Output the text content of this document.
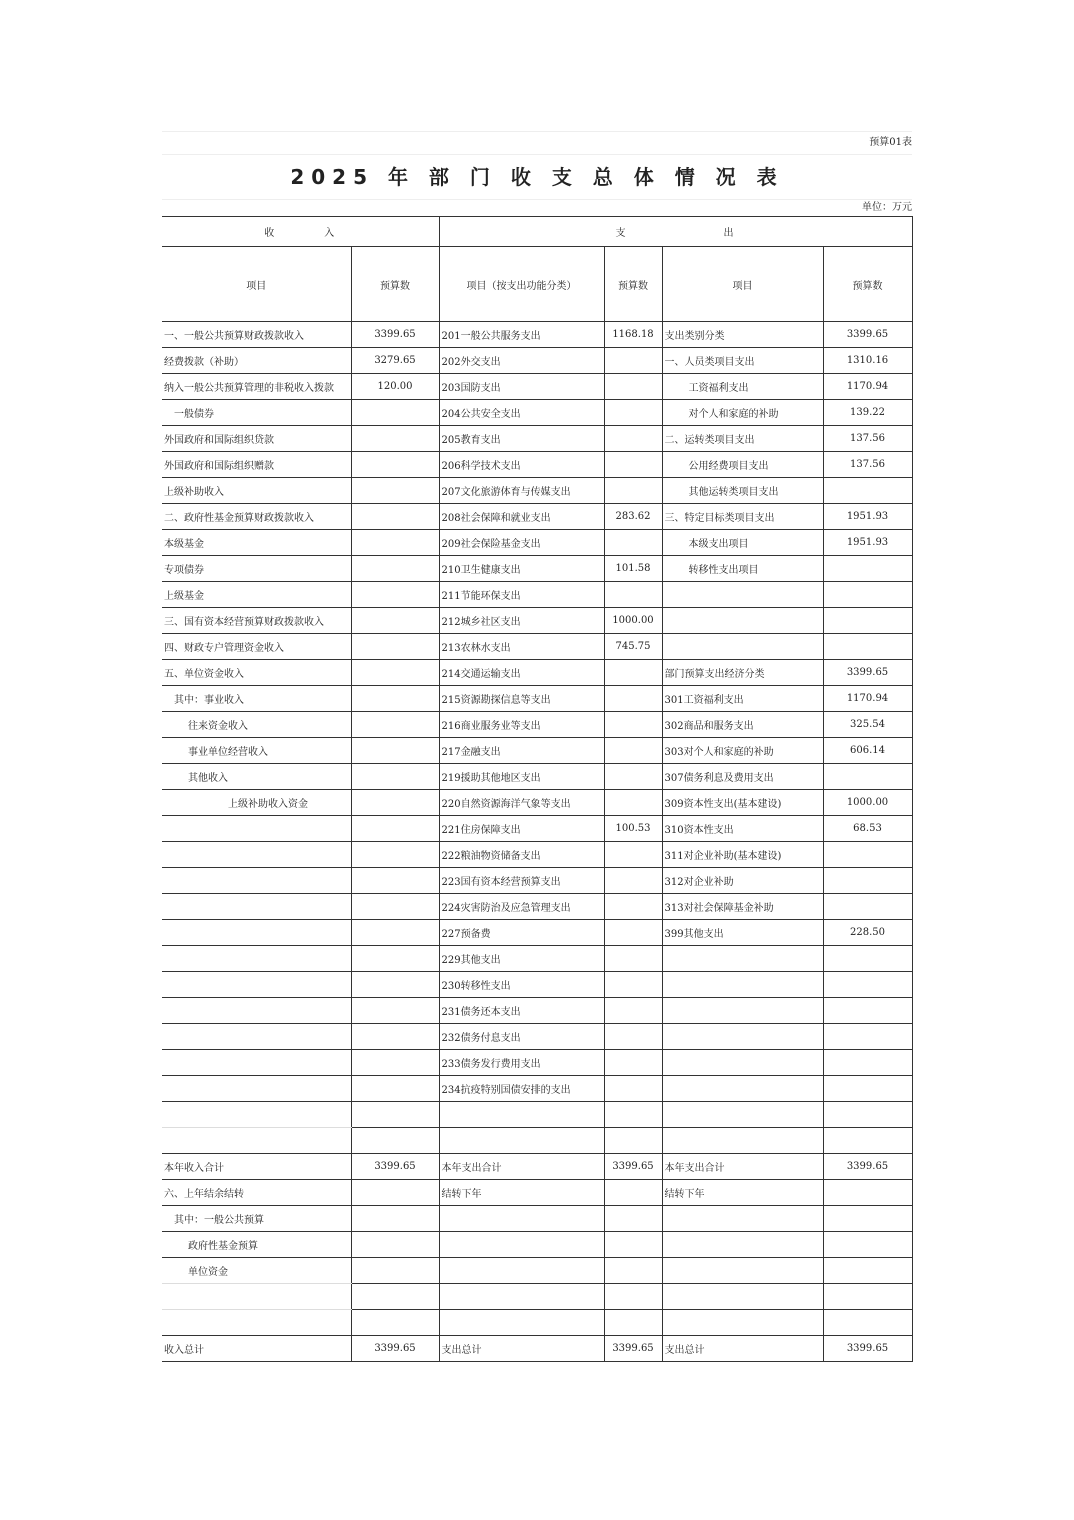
预算01表
2025 年 部 门 收 支 总 体 情 况 表
单位：万元
收　　　　入		支　　　　　　　　出			
项目	预算数	项目（按支出功能分类）	预算数	项目	预算数
一、一般公共预算财政拨款收入	3399.65	201一般公共服务支出	1168.18	支出类别分类	3399.65
经费拨款（补助）	3279.65	202外交支出		一、人员类项目支出	1310.16
纳入一般公共预算管理的非税收入拨款	120.00	203国防支出		工资福利支出	1170.94
一般债券		204公共安全支出		对个人和家庭的补助	139.22
外国政府和国际组织贷款		205教育支出		二、运转类项目支出	137.56
外国政府和国际组织赠款		206科学技术支出		公用经费项目支出	137.56
上级补助收入		207文化旅游体育与传媒支出		其他运转类项目支出	
二、政府性基金预算财政拨款收入		208社会保障和就业支出	283.62	三、特定目标类项目支出	1951.93
本级基金		209社会保险基金支出		本级支出项目	1951.93
专项债券		210卫生健康支出	101.58	转移性支出项目	
上级基金		211节能环保支出			
三、国有资本经营预算财政拨款收入		212城乡社区支出	1000.00		
四、财政专户管理资金收入		213农林水支出	745.75		
五、单位资金收入		214交通运输支出		部门预算支出经济分类	3399.65
其中：事业收入		215资源勘探信息等支出		301工资福利支出	1170.94
往来资金收入		216商业服务业等支出		302商品和服务支出	325.54
事业单位经营收入		217金融支出		303对个人和家庭的补助	606.14
其他收入		219援助其他地区支出		307债务利息及费用支出	
上级补助收入资金		220自然资源海洋气象等支出		309资本性支出(基本建设)	1000.00
		221住房保障支出	100.53	310资本性支出	68.53
		222粮油物资储备支出		311对企业补助(基本建设)	
		223国有资本经营预算支出		312对企业补助	
		224灾害防治及应急管理支出		313对社会保障基金补助	
		227预备费		399其他支出	228.50
		229其他支出			
		230转移性支出			
		231债务还本支出			
		232债务付息支出			
		233债务发行费用支出			
		234抗疫特别国债安排的支出			

本年收入合计	3399.65	本年支出合计	3399.65	本年支出合计	3399.65
六、上年结余结转		结转下年		结转下年	
其中：一般公共预算					
政府性基金预算					
单位资金					

收入总计	3399.65	支出总计	3399.65	支出总计	3399.65
